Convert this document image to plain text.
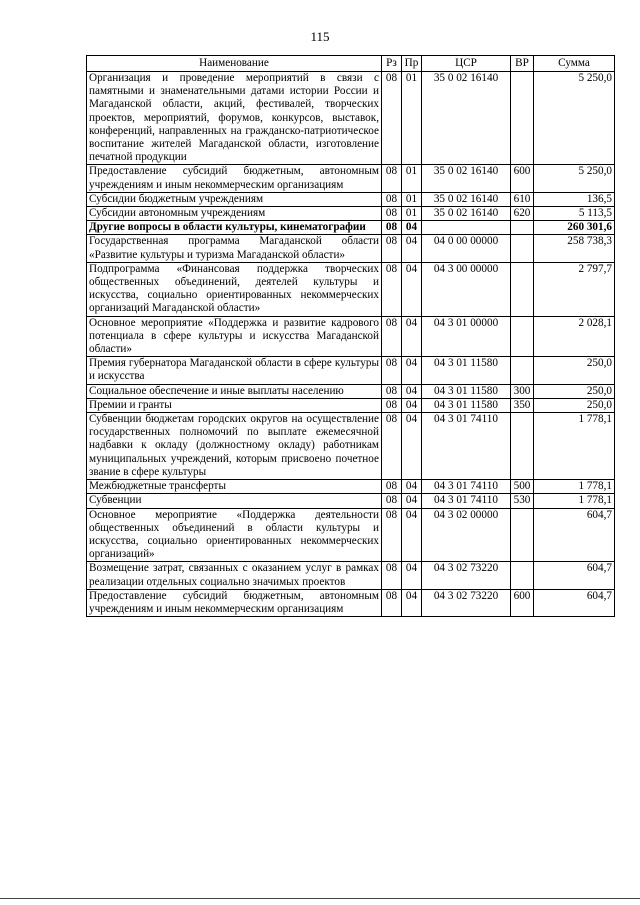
115
Наименование	Рз	Пр	ЦСР	ВР	Сумма
Организация и проведение мероприятий в связи с памятными и знаменательными датами истории России и Магаданской области, акций, фестивалей, творческих проектов, мероприятий, форумов, конкурсов, выставок, конференций, направленных на гражданско-патриотическое воспитание жителей Магаданской области, изготовление печатной продукции	08	01	35 0 02 16140		5 250,0
Предоставление субсидий бюджетным, автономным учреждениям и иным некоммерческим организациям	08	01	35 0 02 16140	600	5 250,0
Субсидии бюджетным учреждениям	08	01	35 0 02 16140	610	136,5
Субсидии автономным учреждениям	08	01	35 0 02 16140	620	5 113,5
Другие вопросы в области культуры, кинематографии	08	04			260 301,6
Государственная программа Магаданской области «Развитие культуры и туризма Магаданской области»	08	04	04 0 00 00000		258 738,3
Подпрограмма «Финансовая поддержка творческих общественных объединений, деятелей культуры и искусства, социально ориентированных некоммерческих организаций Магаданской области»	08	04	04 3 00 00000		2 797,7
Основное мероприятие «Поддержка и развитие кадрового потенциала в сфере культуры и искусства Магаданской области»	08	04	04 3 01 00000		2 028,1
Премия губернатора Магаданской области в сфере культуры и искусства	08	04	04 3 01 11580		250,0
Социальное обеспечение и иные выплаты населению	08	04	04 3 01 11580	300	250,0
Премии и гранты	08	04	04 3 01 11580	350	250,0
Субвенции бюджетам городских округов на осуществление государственных полномочий по выплате ежемесячной надбавки к окладу (должностному окладу) работникам муниципальных учреждений, которым присвоено почетное звание в сфере культуры	08	04	04 3 01 74110		1 778,1
Межбюджетные трансферты	08	04	04 3 01 74110	500	1 778,1
Субвенции	08	04	04 3 01 74110	530	1 778,1
Основное мероприятие «Поддержка деятельности общественных объединений в области культуры и искусства, социально ориентированных некоммерческих организаций»	08	04	04 3 02 00000		604,7
Возмещение затрат, связанных с оказанием услуг в рамках реализации отдельных социально значимых проектов	08	04	04 3 02 73220		604,7
Предоставление субсидий бюджетным, автономным учреждениям и иным некоммерческим организациям	08	04	04 3 02 73220	600	604,7
